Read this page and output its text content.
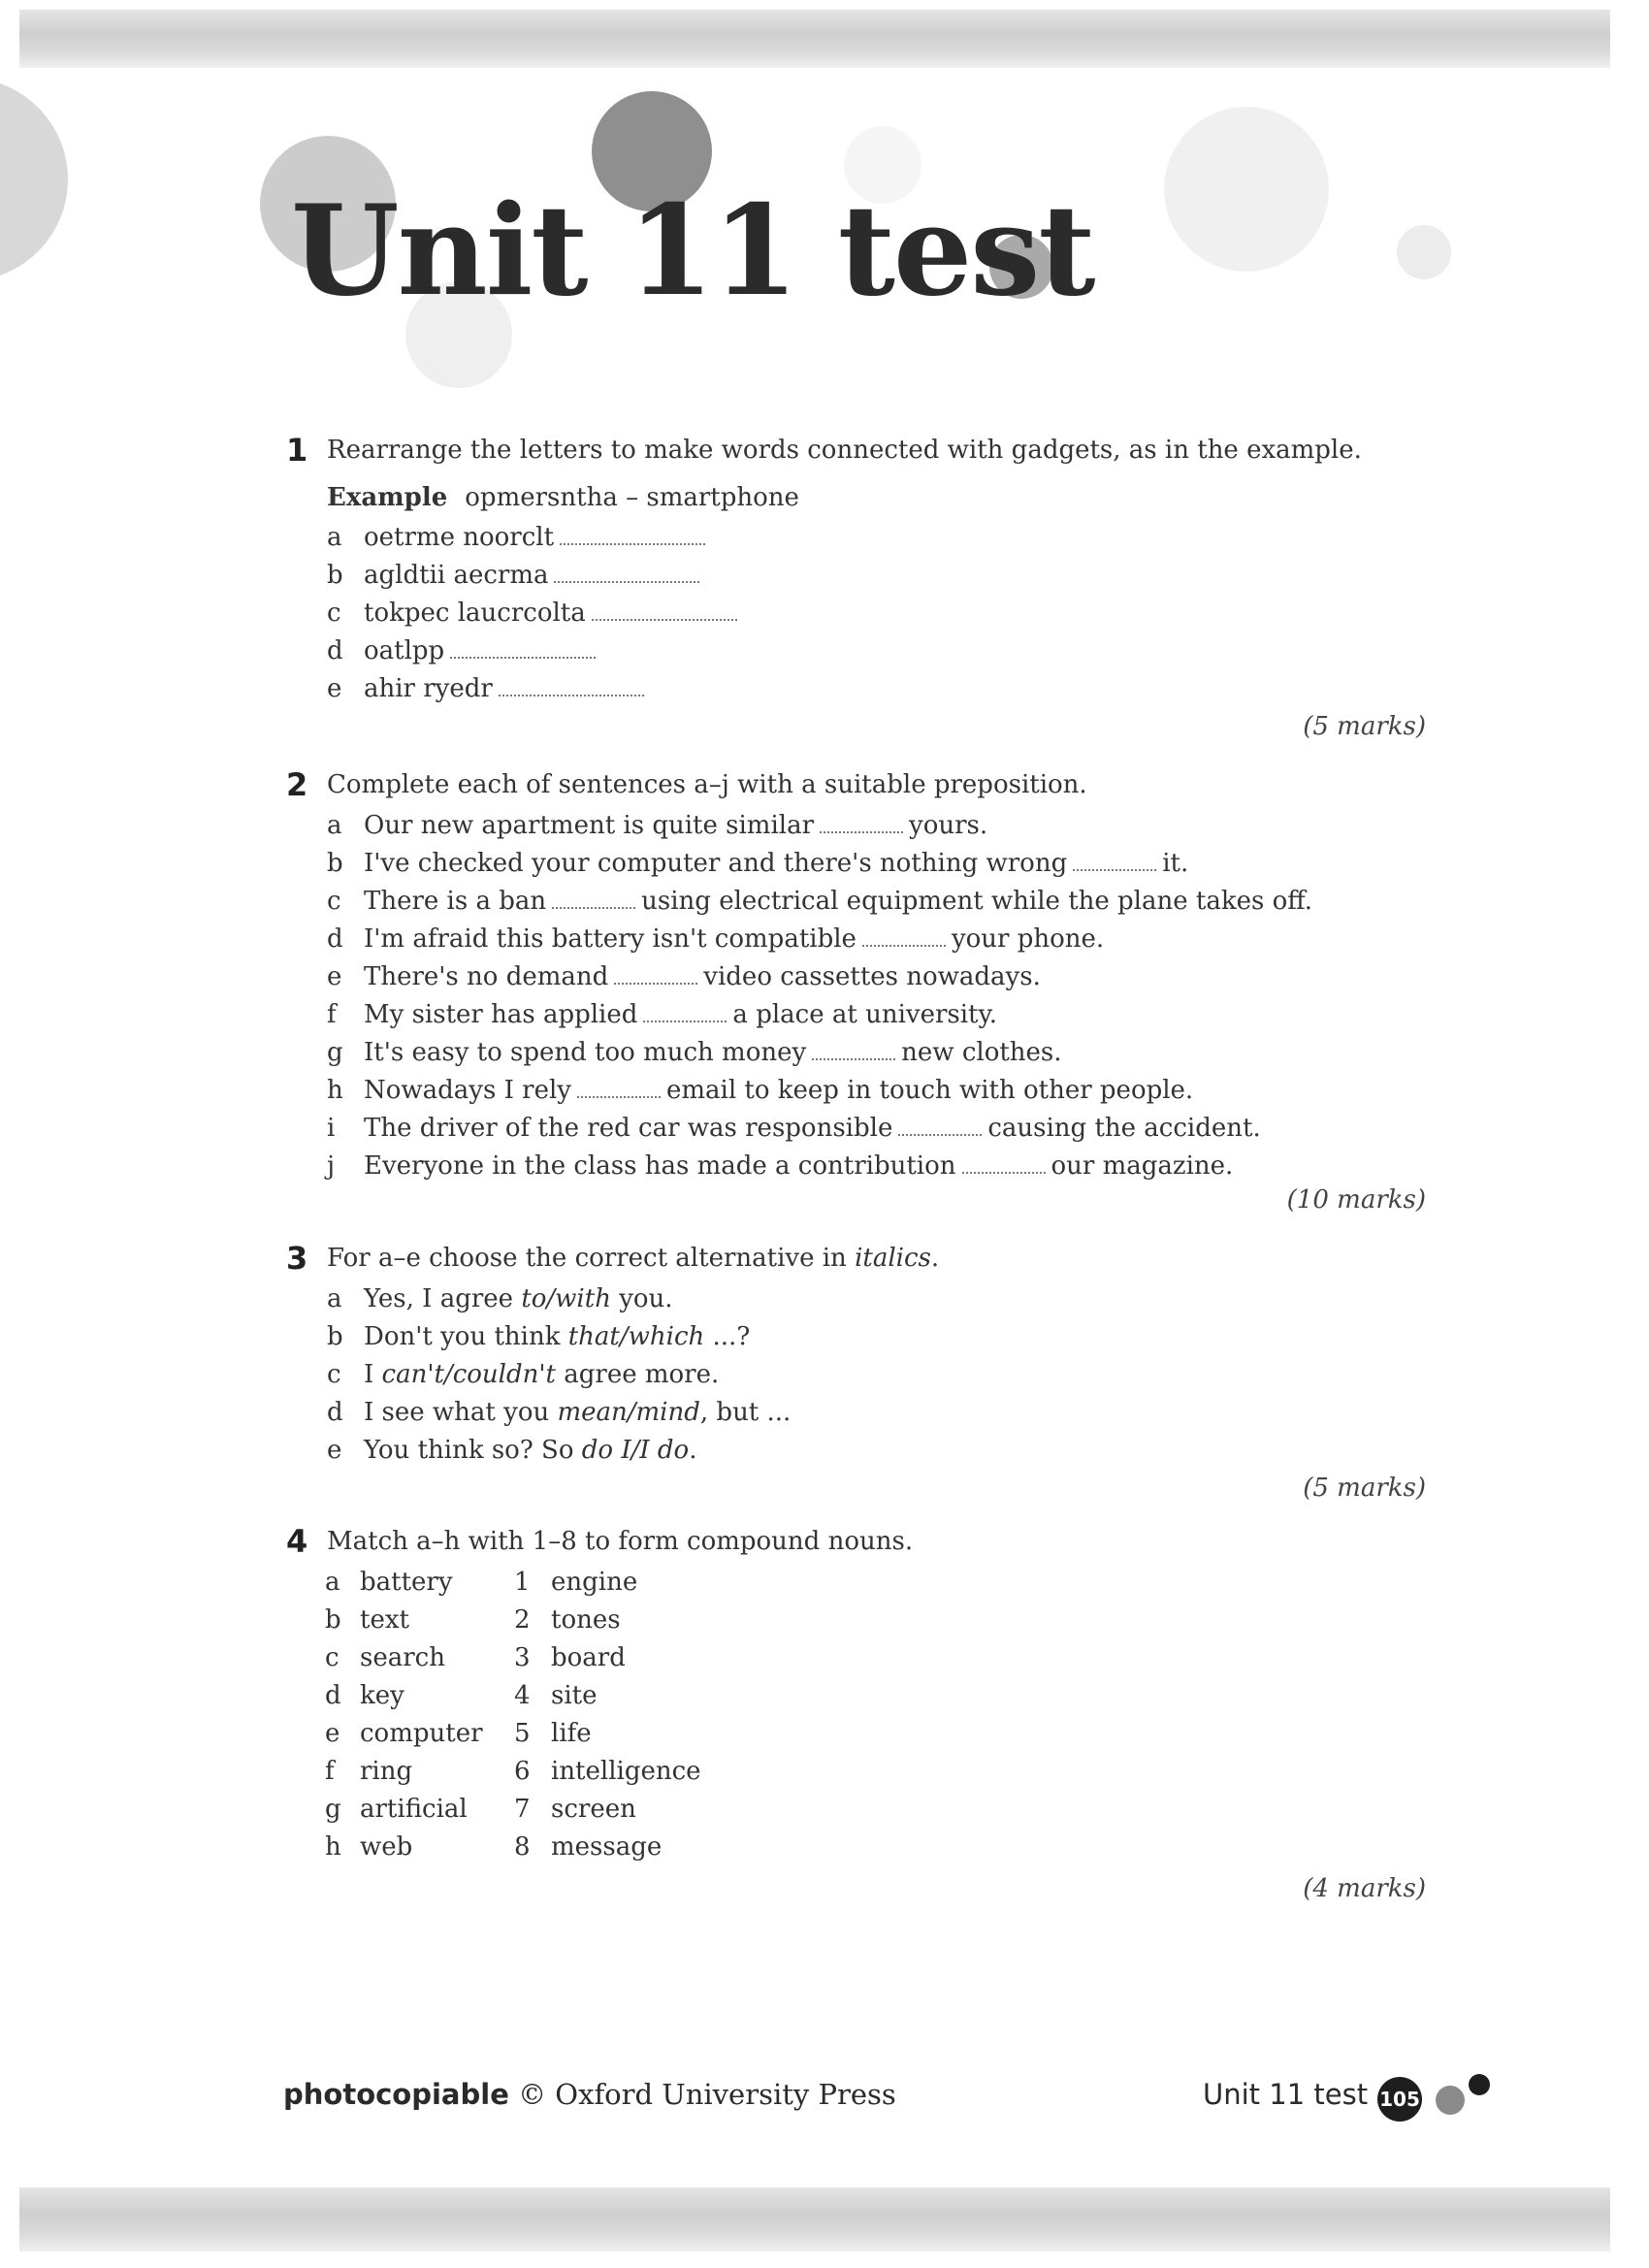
Unit 11 test
1 Rearrange the letters to make words connected with gadgets, as in the example.
Example opmersntha – smartphone
a oetrme noorclt
b agldtii aecrma
c tokpec laucrcolta
d oatlpp
e ahir ryedr
(5 marks)
2 Complete each of sentences a–j with a suitable preposition.
a Our new apartment is quite similar	yours.
b I've checked your computer and there's nothing wrong	it.
c There is a ban	using electrical equipment while the plane takes off.
d I'm afraid this battery isn't compatible	your phone.
e There's no demand	video cassettes nowadays.
f My sister has applied	a place at university.
g It's easy to spend too much money	new clothes.
h Nowadays I rely	email to keep in touch with other people.
i The driver of the red car was responsible	causing the accident.
j Everyone in the class has made a contribution	our magazine.
(10 marks)
3 For a–e choose the correct alternative in italics.
a Yes, I agree to/with you.
b Don't you think that/which ...?
c I can't/couldn't agree more.
d I see what you mean/mind, but ...
e You think so? So do I/I do.
(5 marks)
4 Match a–h with 1–8 to form compound nouns.
a battery 1 engine
b text	2 tones
c search	3 board
d key	4 site
e computer 5 life
f ring	6 intelligence
g artificial 7 screen
h web	8 message
(4 marks)
photocopiable © Oxford University Press	Unit 11 test 105
